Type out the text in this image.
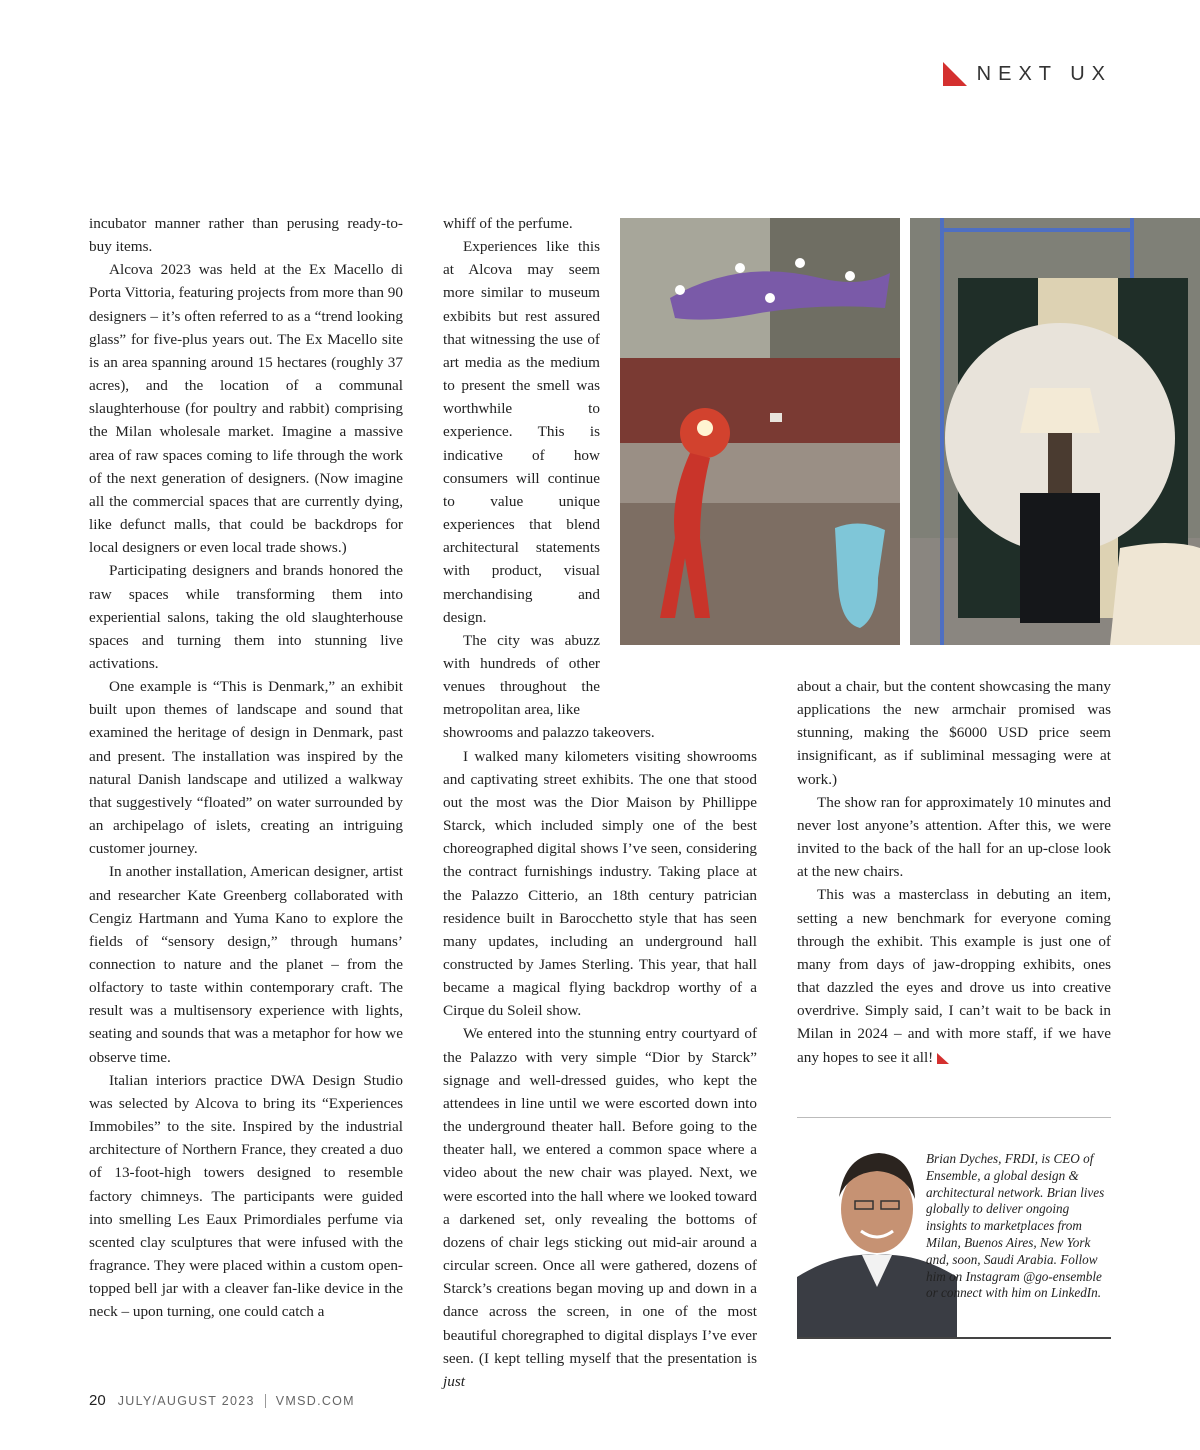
NEXT UX

incubator manner rather than perusing ready-to-buy items.

Alcova 2023 was held at the Ex Macello di Porta Vittoria, featuring projects from more than 90 designers – it’s often referred to as a “trend looking glass” for five-plus years out. The Ex Macello site is an area spanning around 15 hectares (roughly 37 acres), and the location of a communal slaughterhouse (for poultry and rabbit) comprising the Milan wholesale market. Imagine a massive area of raw spaces coming to life through the work of the next generation of designers. (Now imagine all the commercial spaces that are currently dying, like defunct malls, that could be backdrops for local designers or even local trade shows.)

Participating designers and brands honored the raw spaces while transforming them into experiential salons, taking the old slaughterhouse spaces and turning them into stunning live activations.

One example is “This is Denmark,” an exhibit built upon themes of landscape and sound that examined the heritage of design in Denmark, past and present. The installation was inspired by the natural Danish landscape and utilized a walkway that suggestively “floated” on water surrounded by an archipelago of islets, creating an intriguing customer journey.

In another installation, American designer, artist and researcher Kate Greenberg collaborated with Cengiz Hartmann and Yuma Kano to explore the fields of “sensory design,” through humans’ connection to nature and the planet – from the olfactory to taste within contemporary craft. The result was a multisensory experience with lights, seating and sounds that was a metaphor for how we observe time.

Italian interiors practice DWA Design Studio was selected by Alcova to bring its “Experiences Immobiles” to the site. Inspired by the industrial architecture of Northern France, they created a duo of 13-foot-high towers designed to resemble factory chimneys. The participants were guided into smelling Les Eaux Primordiales perfume via scented clay sculptures that were infused with the fragrance. They were placed within a custom open-topped bell jar with a cleaver fan-like device in the neck – upon turning, one could catch a

whiff of the perfume.

Experiences like this at Alcova may seem more similar to museum exbibits but rest assured that witnessing the use of art media as the medium to present the smell was worthwhile to experience. This is indicative of how consumers will continue to value unique experiences that blend architectural statements with product, visual merchandising and design.

The city was abuzz with hundreds of other venues throughout the metropolitan area, like

showrooms and palazzo takeovers.

I walked many kilometers visiting showrooms and captivating street exhibits. The one that stood out the most was the Dior Maison by Phillippe Starck, which included simply one of the best choreographed digital shows I’ve seen, considering the contract furnishings industry. Taking place at the Palazzo Citterio, an 18th century patrician residence built in Barocchetto style that has seen many updates, including an underground hall constructed by James Sterling. This year, that hall became a magical flying backdrop worthy of a Cirque du Soleil show.

We entered into the stunning entry courtyard of the Palazzo with very simple “Dior by Starck” signage and well-dressed guides, who kept the attendees in line until we were escorted down into the underground theater hall. Before going to the theater hall, we entered a common space where a video about the new chair was played. Next, we were escorted into the hall where we looked toward a darkened set, only revealing the bottoms of dozens of chair legs sticking out mid-air around a circular screen. Once all were gathered, dozens of Starck’s creations began moving up and down in a dance across the screen, in one of the most beautiful choregraphed to digital displays I’ve ever seen. (I kept telling myself that the presentation is just

about a chair, but the content showcasing the many applications the new armchair promised was stunning, making the $6000 USD price seem insignificant, as if subliminal messaging were at work.)

The show ran for approximately 10 minutes and never lost anyone’s attention. After this, we were invited to the back of the hall for an up-close look at the new chairs.

This was a masterclass in debuting an item, setting a new benchmark for everyone coming through the exhibit. This example is just one of many from days of jaw-dropping exhibits, ones that dazzled the eyes and drove us into creative overdrive. Simply said, I can’t wait to be back in Milan in 2024 – and with more staff, if we have any hopes to see it all!

Brian Dyches, FRDI, is CEO of Ensemble, a global design & architectural network. Brian lives globally to deliver ongoing insights to marketplaces from Milan, Buenos Aires, New York and, soon, Saudi Arabia. Follow him on Instagram @go-ensemble or connect with him on LinkedIn.
20 JULY/AUGUST 2023 VMSD.COM
